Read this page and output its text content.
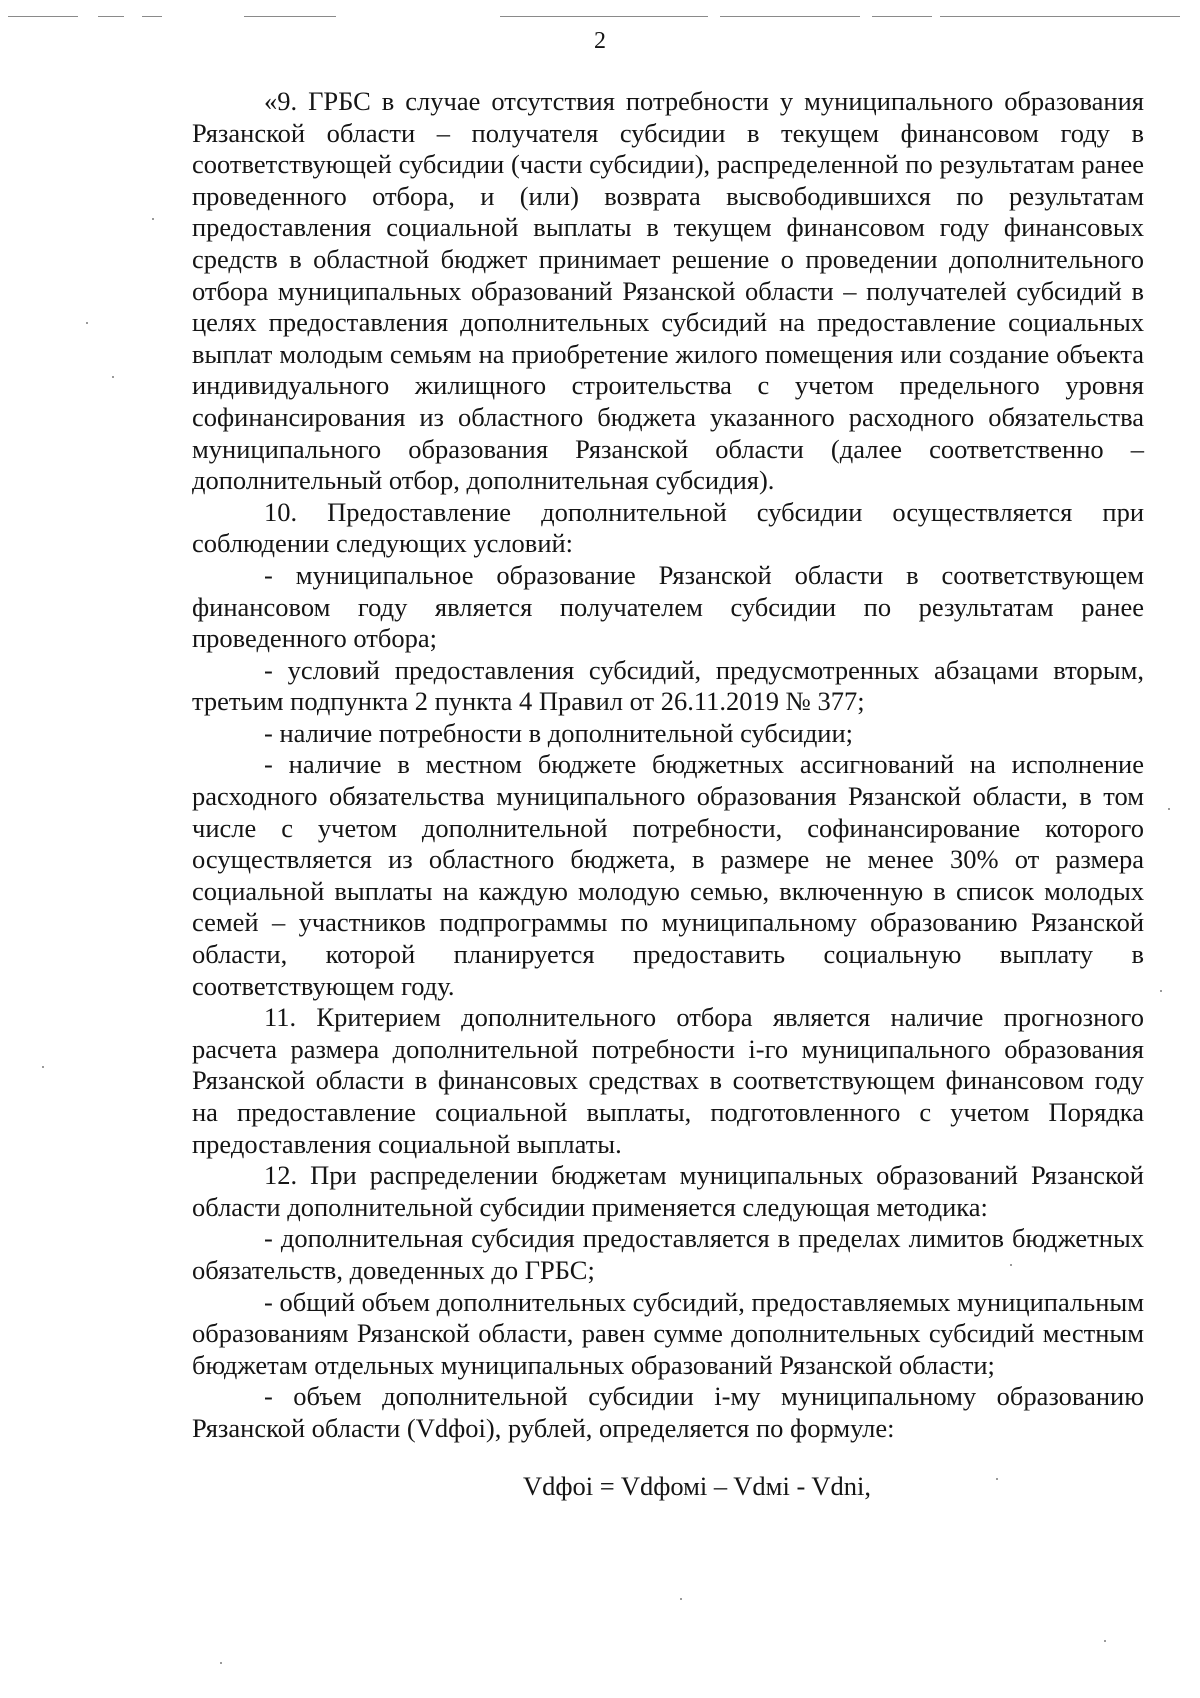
2

«9. ГРБС в случае отсутствия потребности у муниципального образования Рязанской области – получателя субсидии в текущем финансовом году в соответствующей субсидии (части субсидии), распределенной по результатам ранее проведенного отбора, и (или) возврата высвободившихся по результатам предоставления социальной выплаты в текущем финансовом году финансовых средств в областной бюджет принимает решение о проведении дополнительного отбора муниципальных образований Рязанской области – получателей субсидий в целях предоставления дополнительных субсидий на предоставление социальных выплат молодым семьям на приобретение жилого помещения или создание объекта индивидуального жилищного строительства с учетом предельного уровня софинансирования из областного бюджета указанного расходного обязательства муниципального образования Рязанской области (далее соответственно – дополнительный отбор, дополнительная субсидия).

10. Предоставление дополнительной субсидии осуществляется при соблюдении следующих условий:

- муниципальное образование Рязанской области в соответствующем финансовом году является получателем субсидии по результатам ранее проведенного отбора;

- условий предоставления субсидий, предусмотренных абзацами вторым, третьим подпункта 2 пункта 4 Правил от 26.11.2019 № 377;

- наличие потребности в дополнительной субсидии;

- наличие в местном бюджете бюджетных ассигнований на исполнение расходного обязательства муниципального образования Рязанской области, в том числе с учетом дополнительной потребности, софинансирование которого осуществляется из областного бюджета, в размере не менее 30% от размера социальной выплаты на каждую молодую семью, включенную в список молодых семей – участников подпрограммы по муниципальному образованию Рязанской области, которой планируется предоставить социальную выплату в соответствующем году.

11. Критерием дополнительного отбора является наличие прогнозного расчета размера дополнительной потребности i-го муниципального образования Рязанской области в финансовых средствах в соответствующем финансовом году на предоставление социальной выплаты, подготовленного с учетом Порядка предоставления социальной выплаты.

12. При распределении бюджетам муниципальных образований Рязанской области дополнительной субсидии применяется следующая методика:

- дополнительная субсидия предоставляется в пределах лимитов бюджетных обязательств, доведенных до ГРБС;

- общий объем дополнительных субсидий, предоставляемых муниципальным образованиям Рязанской области, равен сумме дополнительных субсидий местным бюджетам отдельных муниципальных образований Рязанской области;

- объем дополнительной субсидии i-му муниципальному образованию Рязанской области (Vdфoi), рублей, определяется по формуле:

Vdфoi = Vdфомi – Vdмi - Vdni,
